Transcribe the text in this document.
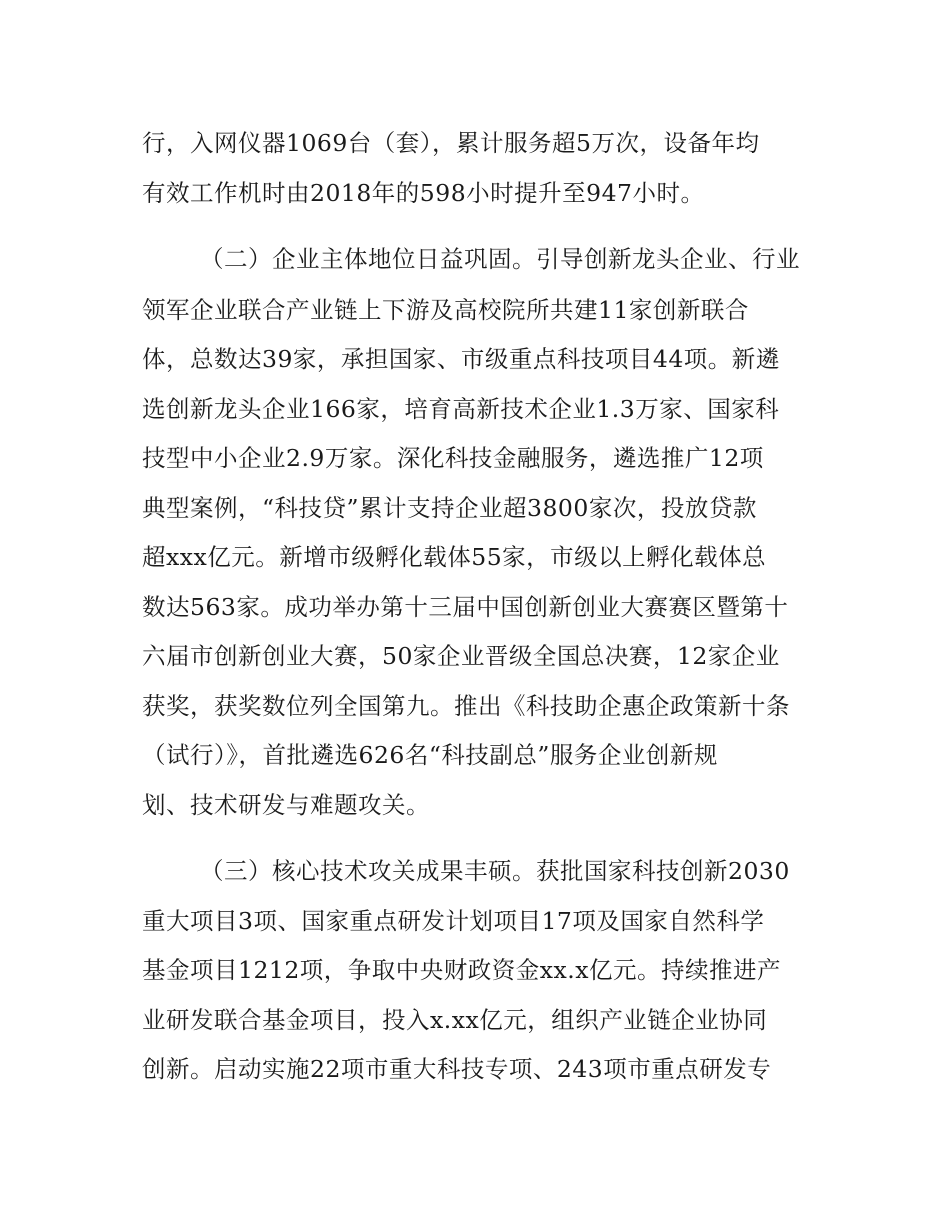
行，入网仪器1069台（套），累计服务超5万次，设备年均
有效工作机时由2018年的598小时提升至947小时。
（二）企业主体地位日益巩固。引导创新龙头企业、行业
领军企业联合产业链上下游及高校院所共建11家创新联合
体，总数达39家，承担国家、市级重点科技项目44项。新遴
选创新龙头企业166家，培育高新技术企业1.3万家、国家科
技型中小企业2.9万家。深化科技金融服务，遴选推广12项
典型案例，“科技贷”累计支持企业超3800家次，投放贷款
超xxx亿元。新增市级孵化载体55家，市级以上孵化载体总
数达563家。成功举办第十三届中国创新创业大赛赛区暨第十
六届市创新创业大赛，50家企业晋级全国总决赛，12家企业
获奖，获奖数位列全国第九。推出《科技助企惠企政策新十条
（试行）》，首批遴选626名“科技副总”服务企业创新规
划、技术研发与难题攻关。
（三）核心技术攻关成果丰硕。获批国家科技创新2030
重大项目3项、国家重点研发计划项目17项及国家自然科学
基金项目1212项，争取中央财政资金xx.x亿元。持续推进产
业研发联合基金项目，投入x.xx亿元，组织产业链企业协同
创新。启动实施22项市重大科技专项、243项市重点研发专
